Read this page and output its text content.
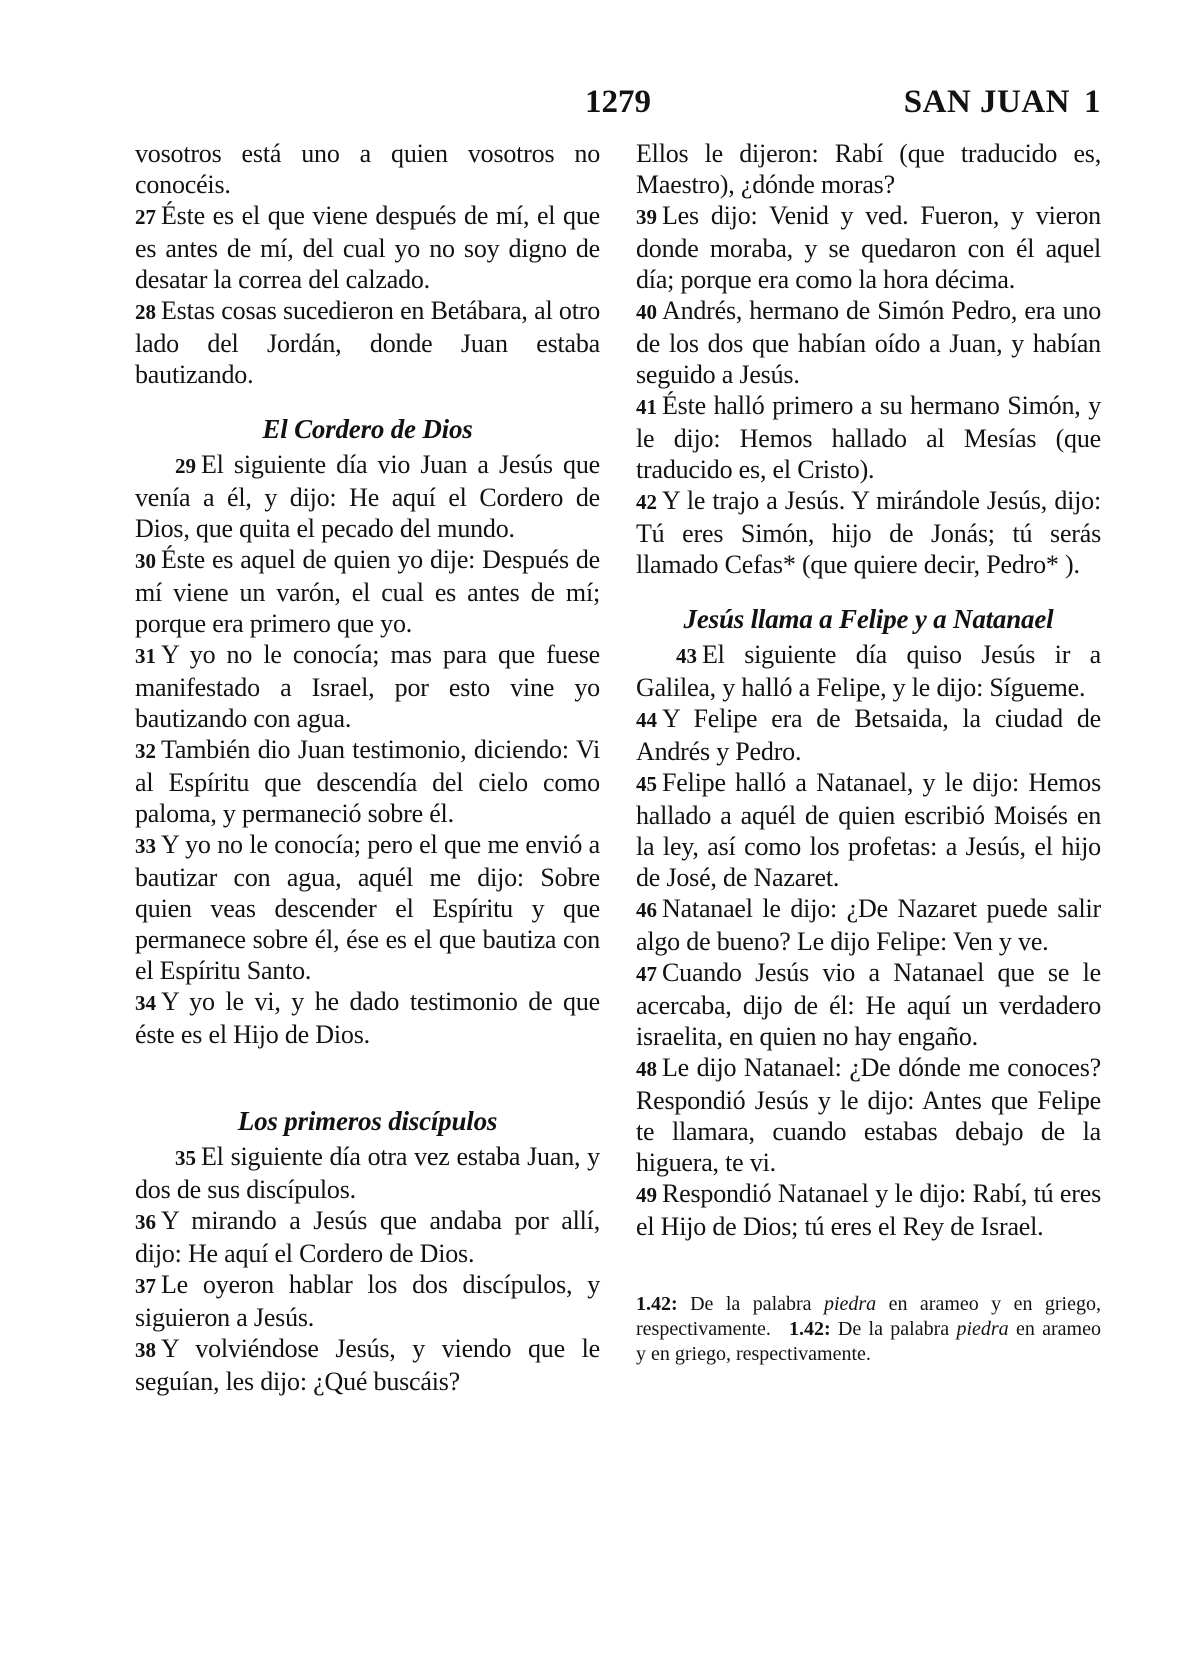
1279	SAN JUAN 1

vosotros está uno a quien vosotros no conocéis.

27 Éste es el que viene después de mí, el que es antes de mí, del cual yo no soy digno de desatar la correa del calzado.

28 Estas cosas sucedieron en Betábara, al otro lado del Jordán, donde Juan estaba bautizando.

El Cordero de Dios

29 El siguiente día vio Juan a Jesús que venía a él, y dijo: He aquí el Cordero de Dios, que quita el pecado del mundo.

30 Éste es aquel de quien yo dije: Después de mí viene un varón, el cual es antes de mí; porque era primero que yo.

31 Y yo no le conocía; mas para que fuese manifestado a Israel, por esto vine yo bautizando con agua.

32 También dio Juan testimonio, diciendo: Vi al Espíritu que descendía del cielo como paloma, y permaneció sobre él.

33 Y yo no le conocía; pero el que me envió a bautizar con agua, aquél me dijo: Sobre quien veas descender el Espíritu y que permanece sobre él, ése es el que bautiza con el Espíritu Santo.

34 Y yo le vi, y he dado testimonio de que éste es el Hijo de Dios.

Los primeros discípulos

35 El siguiente día otra vez estaba Juan, y dos de sus discípulos.

36 Y mirando a Jesús que andaba por allí, dijo: He aquí el Cordero de Dios.

37 Le oyeron hablar los dos discípulos, y siguieron a Jesús.

38 Y volviéndose Jesús, y viendo que le seguían, les dijo: ¿Qué buscáis?

Ellos le dijeron: Rabí (que traducido es, Maestro), ¿dónde moras?

39 Les dijo: Venid y ved. Fueron, y vieron donde moraba, y se quedaron con él aquel día; porque era como la hora décima.

40 Andrés, hermano de Simón Pedro, era uno de los dos que habían oído a Juan, y habían seguido a Jesús.

41 Éste halló primero a su hermano Simón, y le dijo: Hemos hallado al Mesías (que traducido es, el Cristo).

42 Y le trajo a Jesús. Y mirándole Jesús, dijo: Tú eres Simón, hijo de Jonás; tú serás llamado Cefas* (que quiere decir, Pedro* ).

Jesús llama a Felipe y a Natanael

43 El siguiente día quiso Jesús ir a Galilea, y halló a Felipe, y le dijo: Sígueme.

44 Y Felipe era de Betsaida, la ciudad de Andrés y Pedro.

45 Felipe halló a Natanael, y le dijo: Hemos hallado a aquél de quien escribió Moisés en la ley, así como los profetas: a Jesús, el hijo de José, de Nazaret.

46 Natanael le dijo: ¿De Nazaret puede salir algo de bueno? Le dijo Felipe: Ven y ve.

47 Cuando Jesús vio a Natanael que se le acercaba, dijo de él: He aquí un verdadero israelita, en quien no hay engaño.

48 Le dijo Natanael: ¿De dónde me conoces? Respondió Jesús y le dijo: Antes que Felipe te llamara, cuando estabas debajo de la higuera, te vi.

49 Respondió Natanael y le dijo: Rabí, tú eres el Hijo de Dios; tú eres el Rey de Israel.

1.42: De la palabra piedra en arameo y en griego, respectivamente. 1.42: De la palabra piedra en arameo y en griego, respectivamente.
